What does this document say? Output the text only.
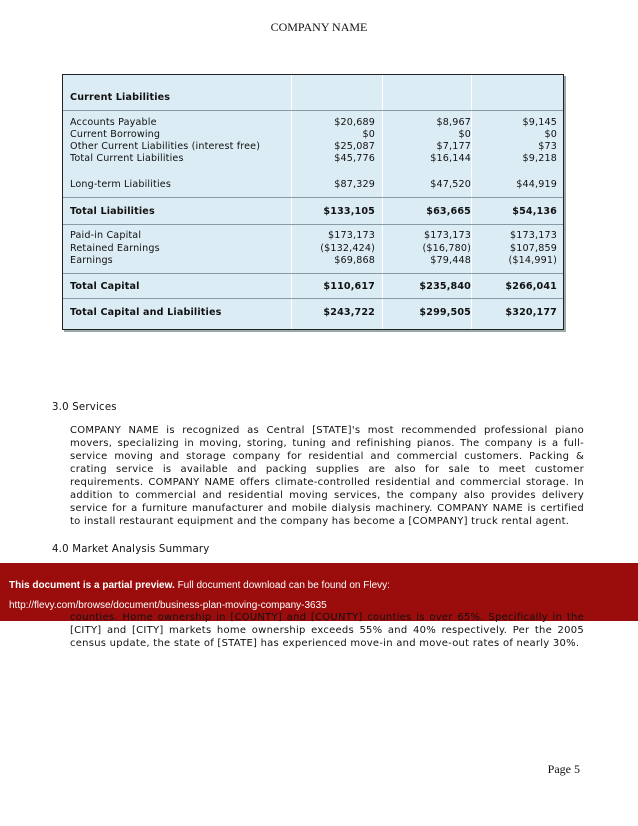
COMPANY NAME
Current Liabilities
Accounts Payable	$20,689	$8,967	$9,145
Current Borrowing	$0	$0	$0
Other Current Liabilities (interest free)	$25,087	$7,177	$73
Total Current Liabilities	$45,776	$16,144	$9,218
Long-term Liabilities	$87,329	$47,520	$44,919
Total Liabilities	$133,105	$63,665	$54,136
Paid-in Capital	$173,173	$173,173	$173,173
Retained Earnings	($132,424)	($16,780)	$107,859
Earnings	$69,868	$79,448	($14,991)
Total Capital	$110,617	$235,840	$266,041
Total Capital and Liabilities	$243,722	$299,505	$320,177
3.0 Services
COMPANY NAME is recognized as Central [STATE]'s most recommended professional piano movers, specializing in moving, storing, tuning and refinishing pianos. The company is a full-service moving and storage company for residential and commercial customers. Packing & crating service is available and packing supplies are also for sale to meet customer requirements. COMPANY NAME offers climate-controlled residential and commercial storage. In addition to commercial and residential moving services, the company also provides delivery service for a furniture manufacturer and mobile dialysis machinery. COMPANY NAME is certified to install restaurant equipment and the company has become a [COMPANY] truck rental agent.
4.0 Market Analysis Summary
This document is a partial preview. Full document download can be found on Flevy:
http://flevy.com/browse/document/business-plan-moving-company-3635
counties. Home ownership in [COUNTY] and [COUNTY] counties is over 65%. Specifically in the [CITY] and [CITY] markets home ownership exceeds 55% and 40% respectively. Per the 2005 census update, the state of [STATE] has experienced move-in and move-out rates of nearly 30%.
Page 5
